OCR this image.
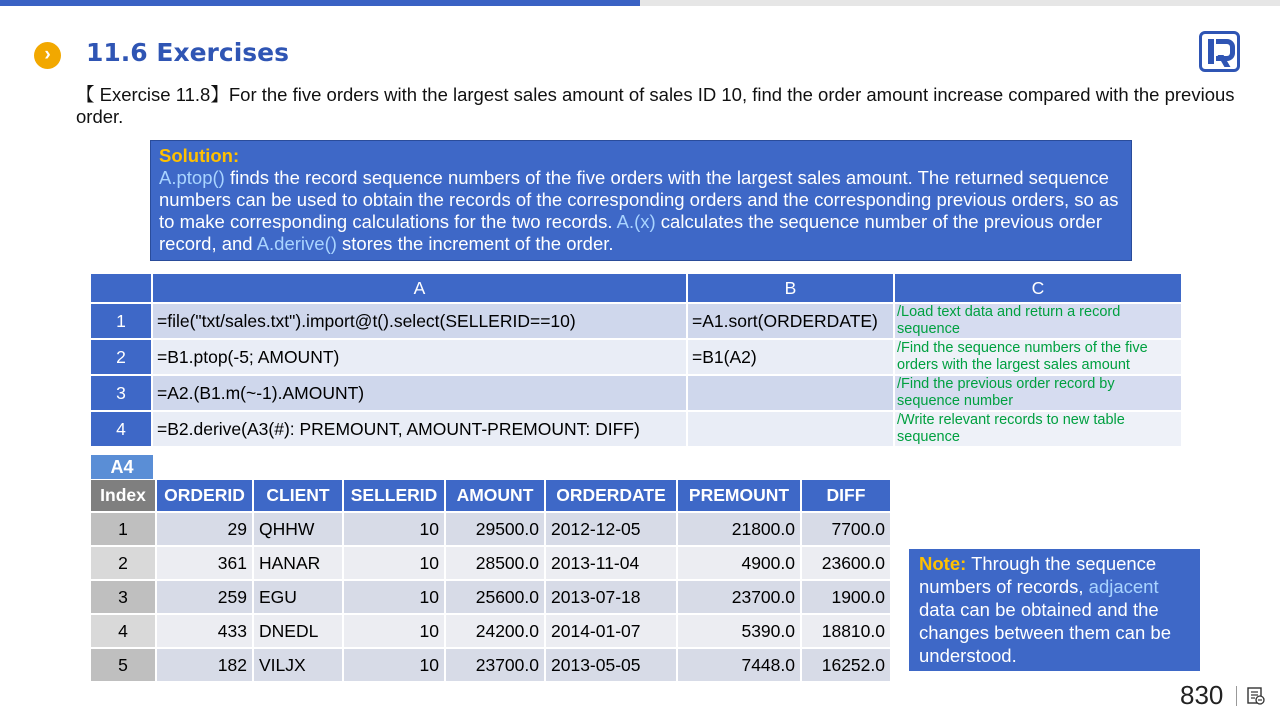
›	11.6 Exercises
【 Exercise 11.8】For the five orders with the largest sales amount of sales ID 10, find the order amount increase compared with the previous order.
Solution:
A.ptop() finds the record sequence numbers of the five orders with the largest sales amount. The returned sequence numbers can be used to obtain the records of the corresponding orders and the corresponding previous orders, so as to make corresponding calculations for the two records. A.(x) calculates the sequence number of the previous order record, and A.derive() stores the increment of the order.
	A	B	C
1	=file("txt/sales.txt").import@t().select(SELLERID==10)	=A1.sort(ORDERDATE)	/Load text data and return a record sequence
2	=B1.ptop(-5; AMOUNT)	=B1(A2)	/Find the sequence numbers of the five orders with the largest sales amount
3	=A2.(B1.m(~-1).AMOUNT)		/Find the previous order record by sequence number
4	=B2.derive(A3(#): PREMOUNT, AMOUNT-PREMOUNT: DIFF)		/Write relevant records to new table sequence
A4
Index	ORDERID	CLIENT	SELLERID	AMOUNT	ORDERDATE	PREMOUNT	DIFF
1	29	QHHW	10	29500.0	2012-12-05	21800.0	7700.0
2	361	HANAR	10	28500.0	2013-11-04	4900.0	23600.0
3	259	EGU	10	25600.0	2013-07-18	23700.0	1900.0
4	433	DNEDL	10	24200.0	2014-01-07	5390.0	18810.0
5	182	VILJX	10	23700.0	2013-05-05	7448.0	16252.0
Note: Through the sequence numbers of records, adjacent data can be obtained and the changes between them can be understood.
830
